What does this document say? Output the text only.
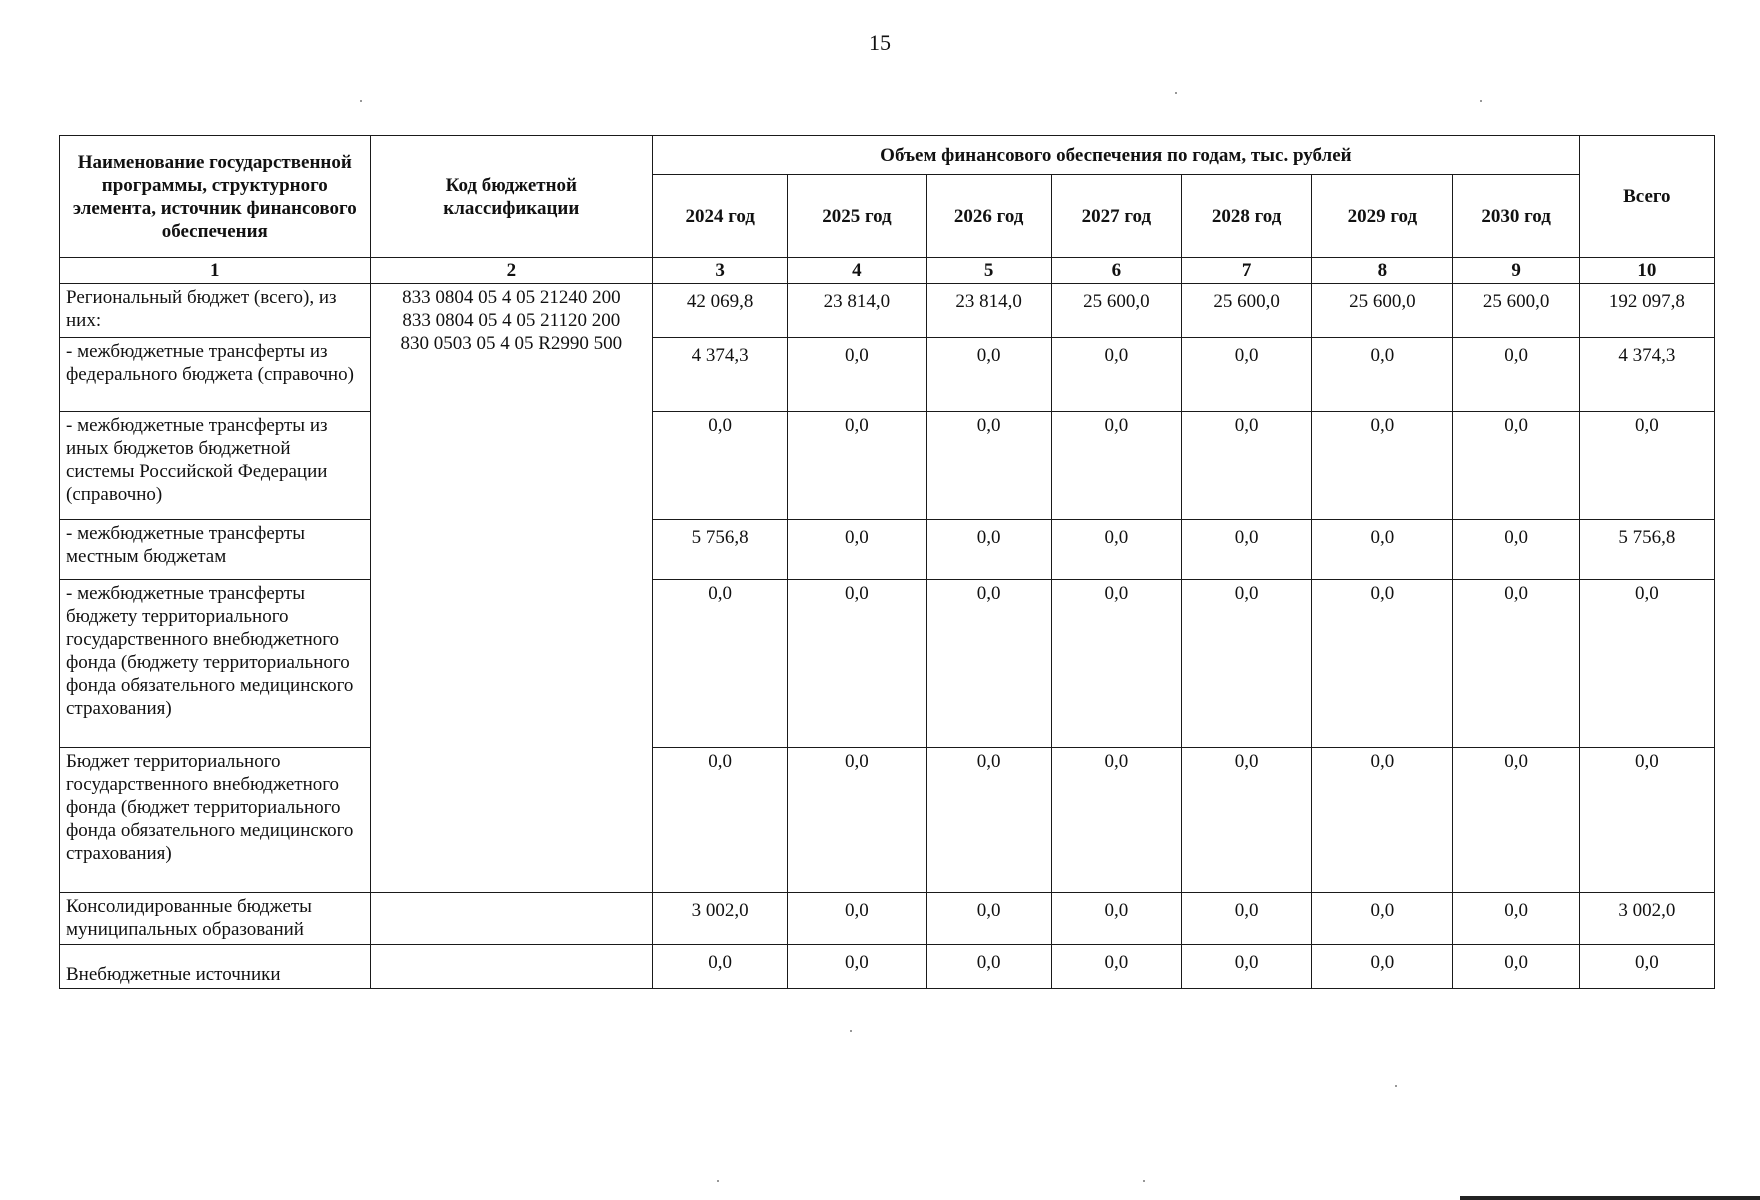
15
Наименование государственной программы, структурного элемента, источник финансового обеспечения	Код бюджетной классификации	Объем финансового обеспечения по годам, тыс. рублей							Всего
		2024 год	2025 год	2026 год	2027 год	2028 год	2029 год	2030 год	
1	2	3	4	5	6	7	8	9	10
Региональный бюджет (всего), из них:	833 0804 05 4 05 21240 200
833 0804 05 4 05 21120 200
830 0503 05 4 05 R2990 500	42 069,8	23 814,0	23 814,0	25 600,0	25 600,0	25 600,0	25 600,0	192 097,8
- межбюджетные трансферты из федерального бюджета (справочно)		4 374,3	0,0	0,0	0,0	0,0	0,0	0,0	4 374,3
- межбюджетные трансферты из иных бюджетов бюджетной системы Российской Федерации (справочно)		0,0	0,0	0,0	0,0	0,0	0,0	0,0	0,0
- межбюджетные трансферты местным бюджетам		5 756,8	0,0	0,0	0,0	0,0	0,0	0,0	5 756,8
- межбюджетные трансферты бюджету территориального государственного внебюджетного фонда (бюджету территориального фонда обязательного медицинского страхования)		0,0	0,0	0,0	0,0	0,0	0,0	0,0	0,0
Бюджет территориального государственного внебюджетного фонда (бюджет территориального фонда обязательного медицинского страхования)		0,0	0,0	0,0	0,0	0,0	0,0	0,0	0,0
Консолидированные бюджеты муниципальных образований		3 002,0	0,0	0,0	0,0	0,0	0,0	0,0	3 002,0
Внебюджетные источники		0,0	0,0	0,0	0,0	0,0	0,0	0,0	0,0
